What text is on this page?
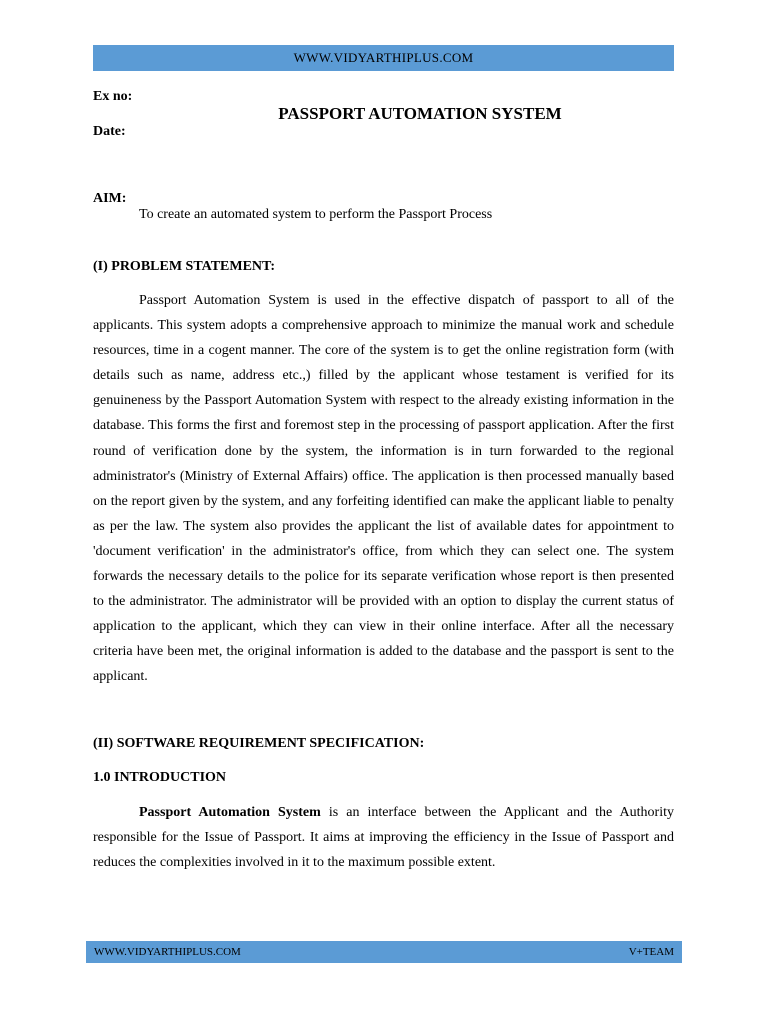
WWW.VIDYARTHIPLUS.COM
Ex no:
PASSPORT AUTOMATION SYSTEM
Date:
AIM:
To create an automated system to perform the Passport Process
(I) PROBLEM STATEMENT:

Passport Automation System is used in the effective dispatch of passport to all of the applicants. This system adopts a comprehensive approach to minimize the manual work and schedule resources, time in a cogent manner. The core of the system is to get the online registration form (with details such as name, address etc.,) filled by the applicant whose testament is verified for its genuineness by the Passport Automation System with respect to the already existing information in the database. This forms the first and foremost step in the processing of passport application. After the first round of verification done by the system, the information is in turn forwarded to the regional administrator's (Ministry of External Affairs) office. The application is then processed manually based on the report given by the system, and any forfeiting identified can make the applicant liable to penalty as per the law. The system also provides the applicant the list of available dates for appointment to 'document verification' in the administrator's office, from which they can select one. The system forwards the necessary details to the police for its separate verification whose report is then presented to the administrator. The administrator will be provided with an option to display the current status of application to the applicant, which they can view in their online interface. After all the necessary criteria have been met, the original information is added to the database and the passport is sent to the applicant.

(II) SOFTWARE REQUIREMENT SPECIFICATION:
1.0 INTRODUCTION

Passport Automation System is an interface between the Applicant and the Authority responsible for the Issue of Passport. It aims at improving the efficiency in the Issue of Passport and reduces the complexities involved in it to the maximum possible extent.

WWW.VIDYARTHIPLUS.COM	V+TEAM
